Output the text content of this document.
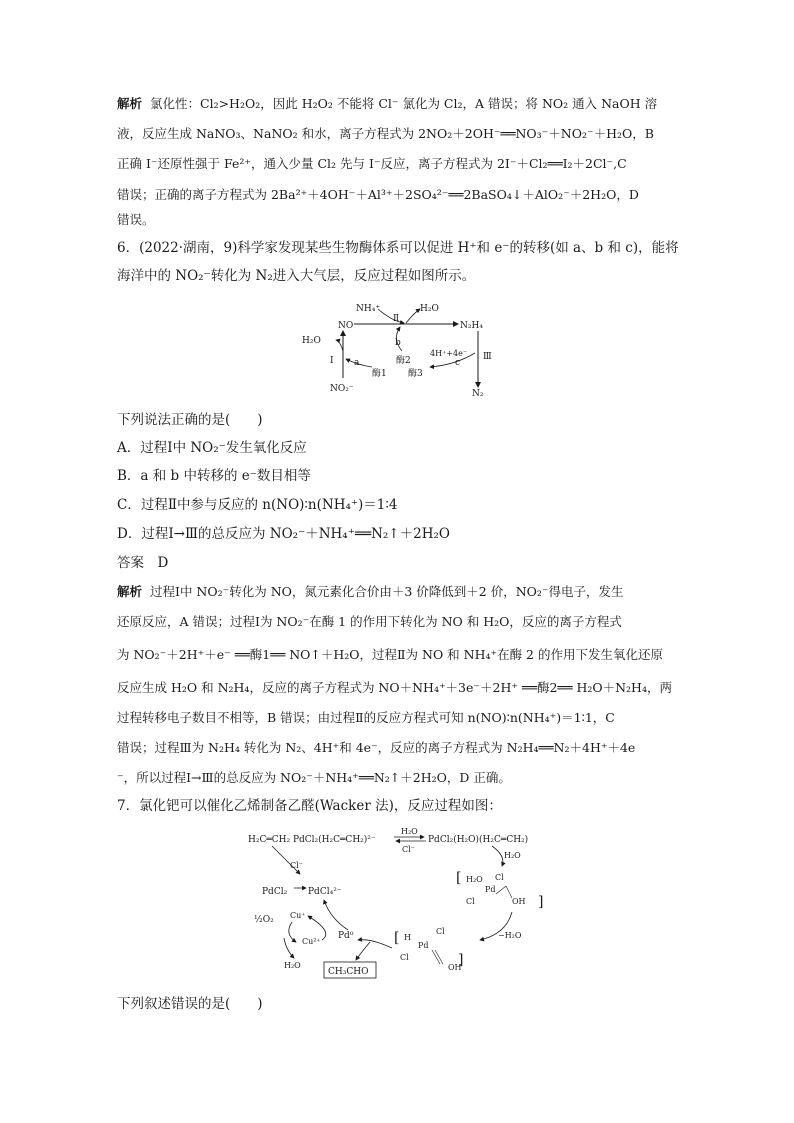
解析 氯化性：Cl₂>H₂O₂，因此 H₂O₂ 不能将 Cl⁻ 氯化为 Cl₂，A 错误；将 NO₂ 通入 NaOH 溶
液，反应生成 NaNO₃、NaNO₂ 和水，离子方程式为 2NO₂＋2OH⁻══NO₃⁻＋NO₂⁻＋H₂O，B
正确 I⁻还原性强于 Fe²⁺，通入少量 Cl₂ 先与 I⁻反应，离子方程式为 2I⁻＋Cl₂══I₂＋2Cl⁻,C
错误；正确的离子方程式为 2Ba²⁺＋4OH⁻＋Al³⁺＋2SO₄²⁻══2BaSO₄↓＋AlO₂⁻＋2H₂O，D
错误。
6．(2022·湖南，9)科学家发现某些生物酶体系可以促进 H⁺和 e⁻的转移(如 a、b 和 c)，能将
海洋中的 NO₂⁻转化为 N₂进入大气层，反应过程如图所示。
NH₄⁺	H₂O
Ⅱ
NO	N₂H₄
H₂O	b
4H⁺+4e⁻
Ⅰ	酶2	Ⅲ
a	c
酶1 酶3
NO₂⁻	N₂
下列说法正确的是(　　)
A．过程Ⅰ中 NO₂⁻发生氧化反应
B．a 和 b 中转移的 e⁻数目相等
C．过程Ⅱ中参与反应的 n(NO)∶n(NH₄⁺)＝1∶4
D．过程Ⅰ→Ⅲ的总反应为 NO₂⁻＋NH₄⁺══N₂↑＋2H₂O
答案　D
解析 过程Ⅰ中 NO₂⁻转化为 NO，氮元素化合价由＋3 价降低到＋2 价，NO₂⁻得电子，发生
还原反应，A 错误；过程Ⅰ为 NO₂⁻在酶 1 的作用下转化为 NO 和 H₂O，反应的离子方程式
为 NO₂⁻＋2H⁺＋e⁻ ══酶1══ NO↑＋H₂O，过程Ⅱ为 NO 和 NH₄⁺在酶 2 的作用下发生氧化还原
反应生成 H₂O 和 N₂H₄，反应的离子方程式为 NO＋NH₄⁺＋3e⁻＋2H⁺ ══酶2══ H₂O＋N₂H₄，两
过程转移电子数目不相等，B 错误；由过程Ⅱ的反应方程式可知 n(NO)∶n(NH₄⁺)＝1∶1，C
错误；过程Ⅲ为 N₂H₄ 转化为 N₂、4H⁺和 4e⁻，反应的离子方程式为 N₂H₄══N₂＋4H⁺＋4e
⁻，所以过程Ⅰ→Ⅲ的总反应为 NO₂⁻＋NH₄⁺══N₂↑＋2H₂O，D 正确。
7．氯化钯可以催化乙烯制备乙醛(Wacker 法)，反应过程如图：
H₂C═CH₂ PdCl₂(H₂C═CH₂)²⁻
H₂O
Cl⁻
PdCl₂(H₂O)(H₂C═CH₂)
H₂O
[
]
H₂O Cl
Pd
Cl	OH
−H₂O
[
]
H
Cl
Pd
Cl
OH
Pd⁰
CH₃CHO
Cl⁻
PdCl₂ PdCl₄²⁻
½O₂ Cu⁺
Cu²⁺
H₂O
下列叙述错误的是(　　)
